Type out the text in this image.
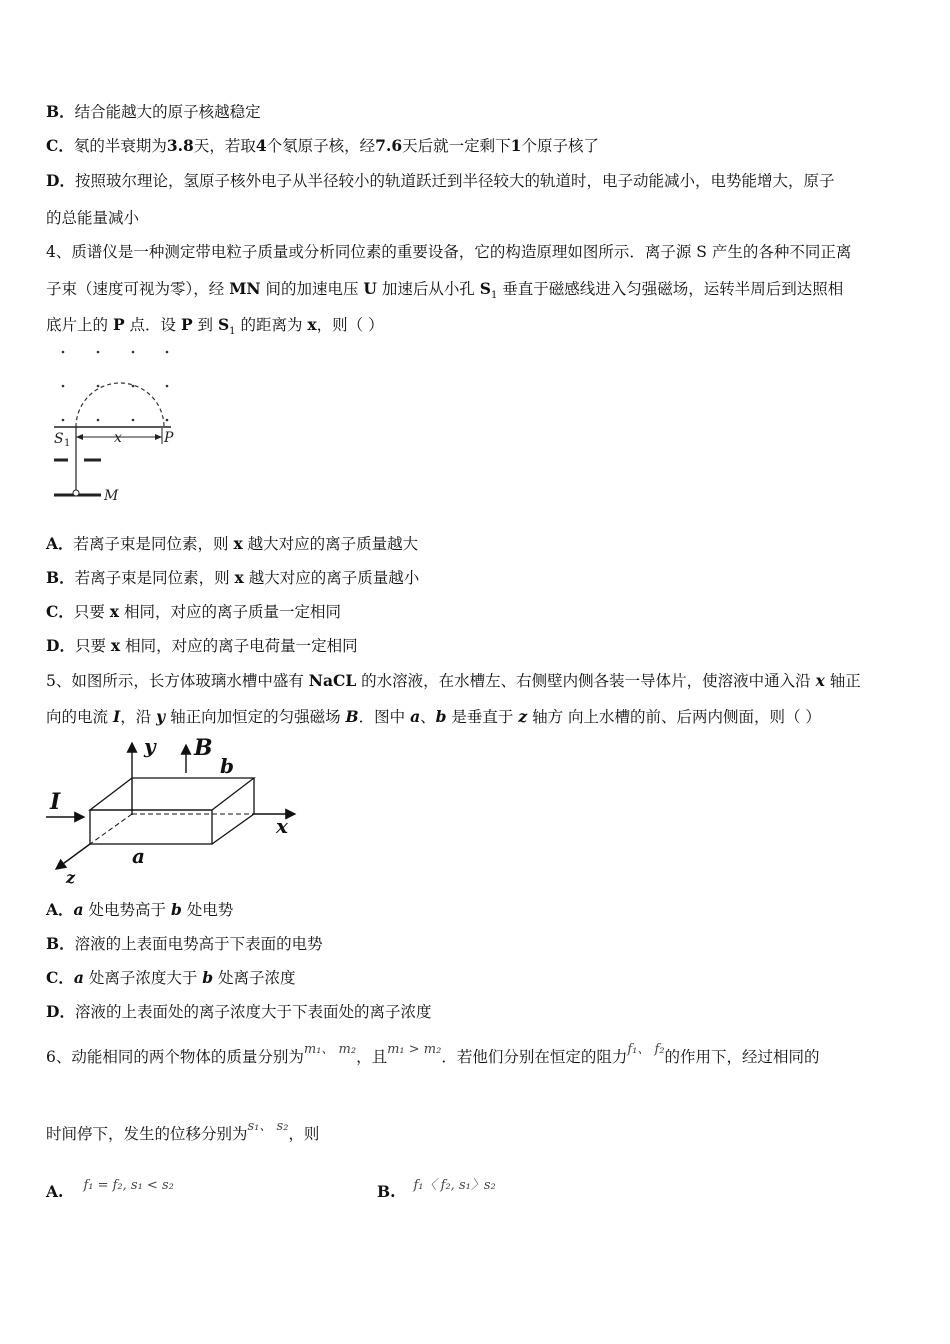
B．结合能越大的原子核越稳定
C．氡的半衰期为3.8天，若取4个氡原子核，经7.6天后就一定剩下1个原子核了
D．按照玻尔理论，氢原子核外电子从半径较小的轨道跃迁到半径较大的轨道时，电子动能减小，电势能增大，原子
的总能量减小
4、质谱仪是一种测定带电粒子质量或分析同位素的重要设备，它的构造原理如图所示．离子源 S 产生的各种不同正离
子束（速度可视为零），经 MN 间的加速电压 U 加速后从小孔 $S_1$ 垂直于磁感线进入匀强磁场，运转半周后到达照相
底片上的 P 点．设 P 到 $S_1$ 的距离为 x，则（ ）
S 1	x	P
M
A．若离子束是同位素，则 x 越大对应的离子质量越大
B．若离子束是同位素，则 x 越大对应的离子质量越小
C．只要 x 相同，对应的离子质量一定相同
D．只要 x 相同，对应的离子电荷量一定相同
5、如图所示，长方体玻璃水槽中盛有 NaCL 的水溶液，在水槽左、右侧壁内侧各装一导体片，使溶液中通入沿 x 轴正
向的电流 I，沿 y 轴正向加恒定的匀强磁场 B．图中 a、b 是垂直于 z 轴方 向上水槽的前、后两内侧面，则（ ）
y B
b
x
I
z
a
A．a 处电势高于 b 处电势
B．溶液的上表面电势高于下表面的电势
C．a 处离子浓度大于 b 处离子浓度
D．溶液的上表面处的离子浓度大于下表面处的离子浓度
6、动能相同的两个物体的质量分别为$^{m_1、 m_2}$，且$^{m_1 > m_2}$．若他们分别在恒定的阻力$^{f_1、 f_2}$的作用下，经过相同的
时间停下，发生的位移分别为$^{s_1、 s_2}$，则
A. $^{f_1 = f_2, s_1 < s_2}$	B. $^{f_1〈 f_2, s_1〉s_2}$
